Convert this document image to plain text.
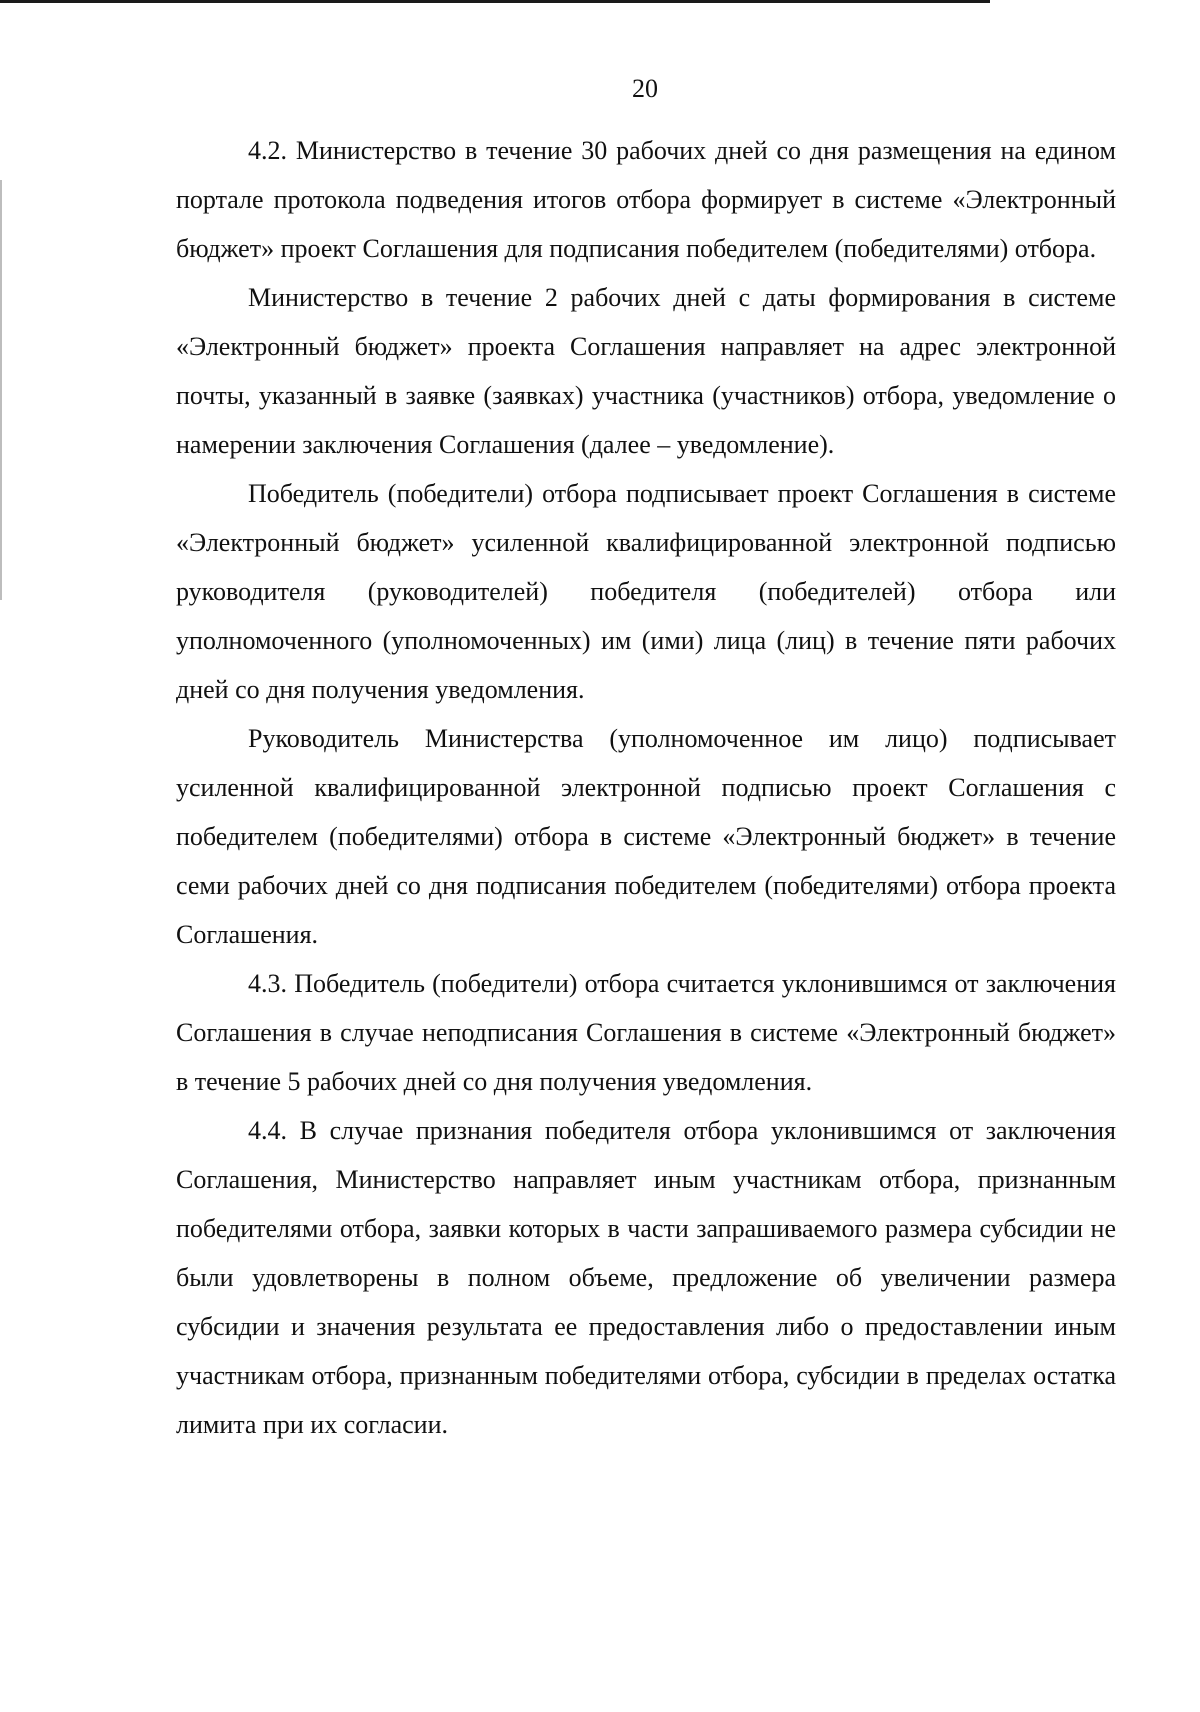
20

4.2. Министерство в течение 30 рабочих дней со дня размещения на едином портале протокола подведения итогов отбора формирует в системе «Электронный бюджет» проект Соглашения для подписания победителем (победителями) отбора.

Министерство в течение 2 рабочих дней с даты формирования в системе «Электронный бюджет» проекта Соглашения направляет на адрес электронной почты, указанный в заявке (заявках) участника (участников) отбора, уведомление о намерении заключения Соглашения (далее – уведомление).

Победитель (победители) отбора подписывает проект Соглашения в системе «Электронный бюджет» усиленной квалифицированной электронной подписью руководителя (руководителей) победителя (победителей) отбора или уполномоченного (уполномоченных) им (ими) лица (лиц) в течение пяти рабочих дней со дня получения уведомления.

Руководитель Министерства (уполномоченное им лицо) подписывает усиленной квалифицированной электронной подписью проект Соглашения с победителем (победителями) отбора в системе «Электронный бюджет» в течение семи рабочих дней со дня подписания победителем (победителями) отбора проекта Соглашения.

4.3. Победитель (победители) отбора считается уклонившимся от заключения Соглашения в случае неподписания Соглашения в системе «Электронный бюджет» в течение 5 рабочих дней со дня получения уведомления.

4.4. В случае признания победителя отбора уклонившимся от заключения Соглашения, Министерство направляет иным участникам отбора, признанным победителями отбора, заявки которых в части запрашиваемого размера субсидии не были удовлетворены в полном объеме, предложение об увеличении размера субсидии и значения результата ее предоставления либо о предоставлении иным участникам отбора, признанным победителями отбора, субсидии в пределах остатка лимита при их согласии.
